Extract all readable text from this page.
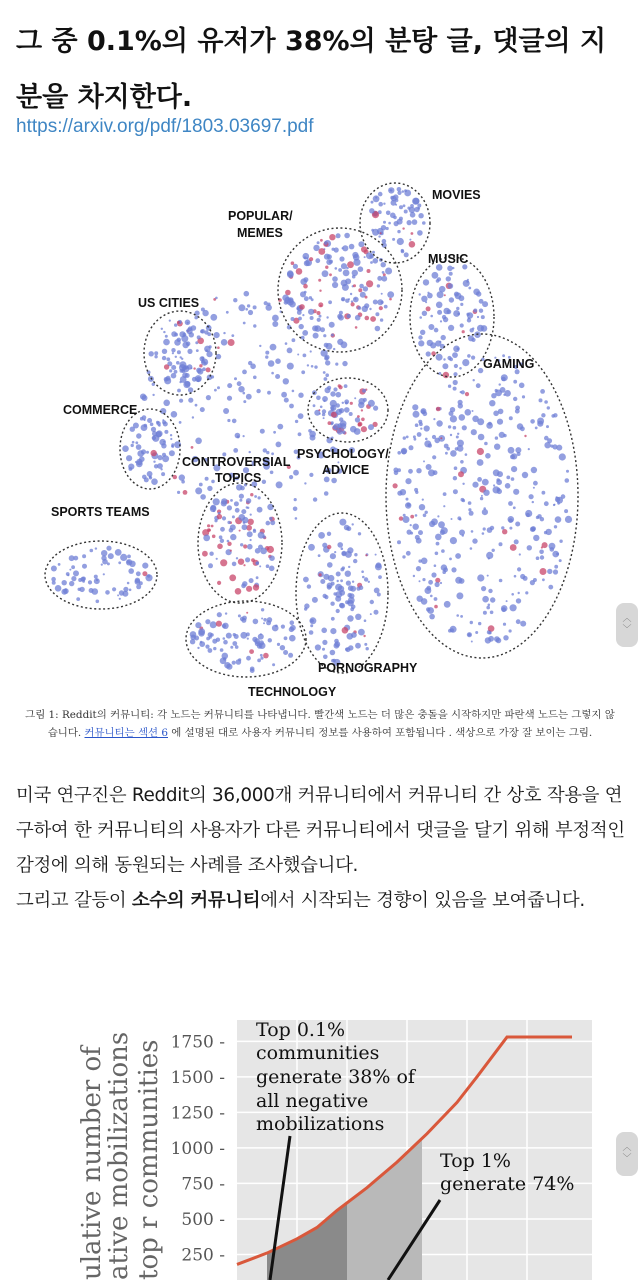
그 중 0.1%의 유저가 38%의 분탕 글, 댓글의 지분을 차지한다.
https://arxiv.org/pdf/1803.03697.pdf
MOVIES
POPULAR/
MEMES
MUSIC
US CITIES
GAMING
COMMERCE
PSYCHOLOGY/
ADVICE
CONTROVERSIAL
TOPICS
SPORTS TEAMS
PORNOGRAPHY
TECHNOLOGY
그림 1: Reddit의 커뮤니티: 각 노드는 커뮤니티를 나타냅니다. 빨간색 노드는 더 많은 충돌을 시작하지만 파란색 노드는 그렇지 않습니다. 커뮤니티는 섹션 6 에 설명된 대로 사용자 커뮤니티 정보를 사용하여 포함됩니다 . 색상으로 가장 잘 보이는 그림.

미국 연구진은 Reddit의 36,000개 커뮤니티에서 커뮤니티 간 상호 작용을 연구하여 한 커뮤니티의 사용자가 다른 커뮤니티에서 댓글을 달기 위해 부정적인 감정에 의해 동원되는 사례를 조사했습니다.

그리고 갈등이 소수의 커뮤니티에서 시작되는 경향이 있음을 보여줍니다.

1750 -
1500 -
1250 -
1000 -
750 -
500 -
250 -
ulative number of
ative mobilizations top r communities
Top 0.1%
communities
generate 38% of
all negative
mobilizations
Top 1%
generate 74%
︿
﹀
︿
﹀
